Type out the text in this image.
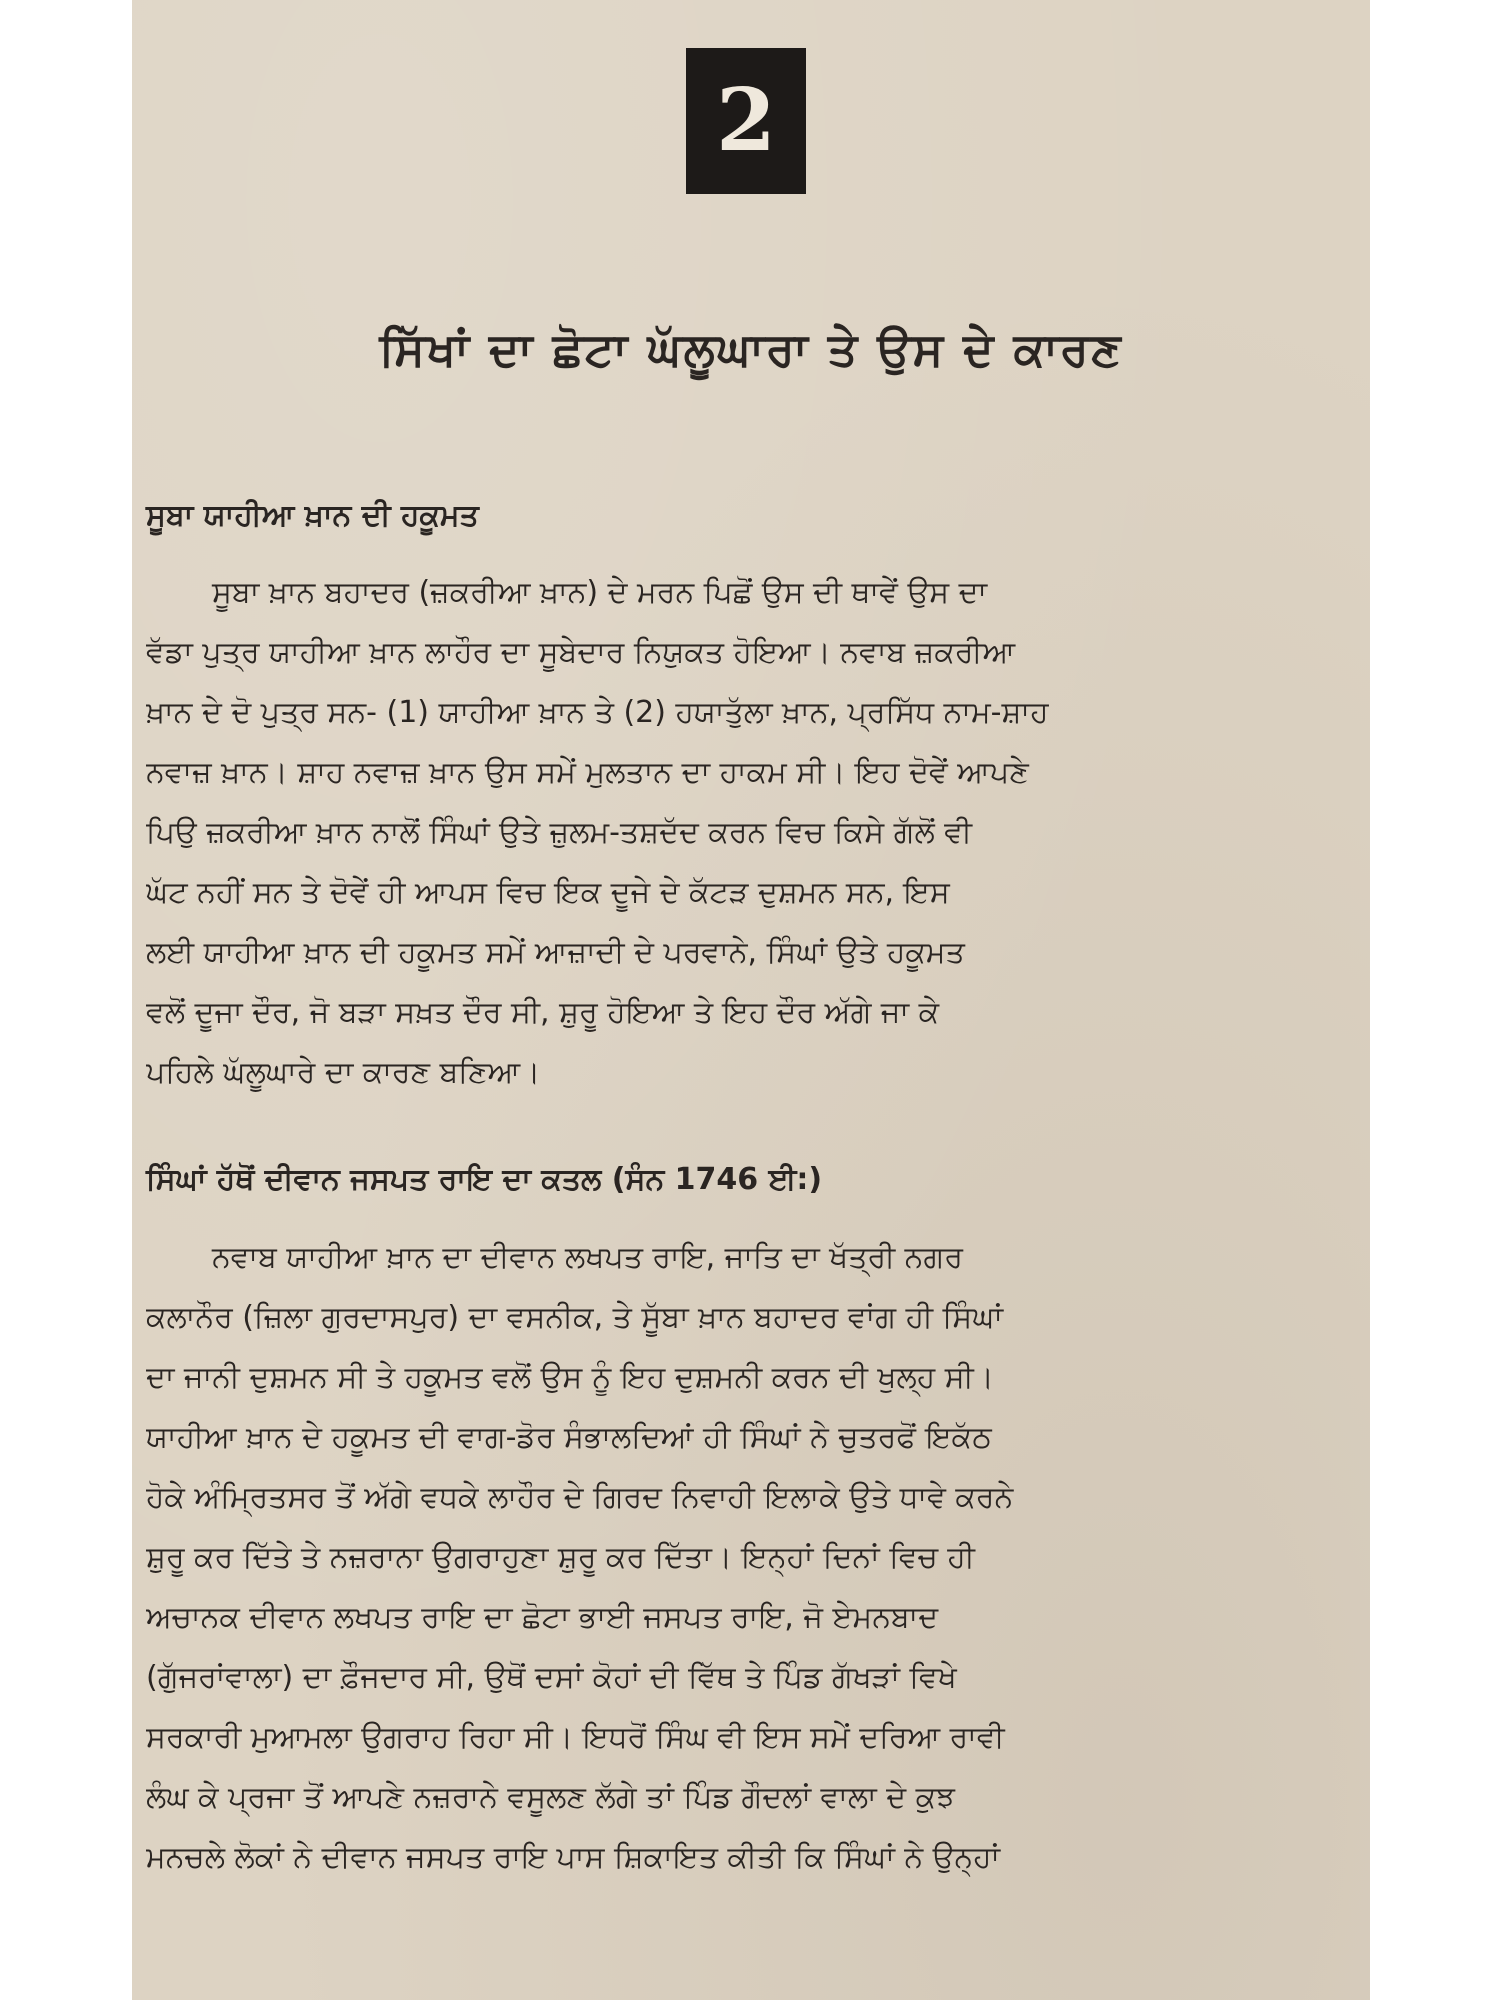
2
ਸਿੱਖਾਂ ਦਾ ਛੋਟਾ ਘੱਲੂਘਾਰਾ ਤੇ ਉਸ ਦੇ ਕਾਰਣ
ਸੂਬਾ ਯਾਹੀਆ ਖ਼ਾਨ ਦੀ ਹਕੂਮਤ
ਸੂਬਾ ਖ਼ਾਨ ਬਹਾਦਰ (ਜ਼ਕਰੀਆ ਖ਼ਾਨ) ਦੇ ਮਰਨ ਪਿਛੋਂ ਉਸ ਦੀ ਥਾਵੇਂ ਉਸ ਦਾ
ਵੱਡਾ ਪੁਤ੍ਰ ਯਾਹੀਆ ਖ਼ਾਨ ਲਾਹੌਰ ਦਾ ਸੂਬੇਦਾਰ ਨਿਯੁਕਤ ਹੋਇਆ। ਨਵਾਬ ਜ਼ਕਰੀਆ
ਖ਼ਾਨ ਦੇ ਦੋ ਪੁਤ੍ਰ ਸਨ- (1) ਯਾਹੀਆ ਖ਼ਾਨ ਤੇ (2) ਹਯਾਤੁੱਲਾ ਖ਼ਾਨ, ਪ੍ਰਸਿੱਧ ਨਾਮ-ਸ਼ਾਹ
ਨਵਾਜ਼ ਖ਼ਾਨ। ਸ਼ਾਹ ਨਵਾਜ਼ ਖ਼ਾਨ ਉਸ ਸਮੇਂ ਮੁਲਤਾਨ ਦਾ ਹਾਕਮ ਸੀ। ਇਹ ਦੋਵੇਂ ਆਪਣੇ
ਪਿਉ ਜ਼ਕਰੀਆ ਖ਼ਾਨ ਨਾਲੋਂ ਸਿੰਘਾਂ ਉਤੇ ਜ਼ੁਲਮ-ਤਸ਼ਦੱਦ ਕਰਨ ਵਿਚ ਕਿਸੇ ਗੱਲੋਂ ਵੀ
ਘੱਟ ਨਹੀਂ ਸਨ ਤੇ ਦੋਵੇਂ ਹੀ ਆਪਸ ਵਿਚ ਇਕ ਦੂਜੇ ਦੇ ਕੱਟੜ ਦੁਸ਼ਮਨ ਸਨ, ਇਸ
ਲਈ ਯਾਹੀਆ ਖ਼ਾਨ ਦੀ ਹਕੂਮਤ ਸਮੇਂ ਆਜ਼ਾਦੀ ਦੇ ਪਰਵਾਨੇ, ਸਿੰਘਾਂ ਉਤੇ ਹਕੂਮਤ
ਵਲੋਂ ਦੂਜਾ ਦੌਰ, ਜੋ ਬੜਾ ਸਖ਼ਤ ਦੌਰ ਸੀ, ਸ਼ੁਰੂ ਹੋਇਆ ਤੇ ਇਹ ਦੌਰ ਅੱਗੇ ਜਾ ਕੇ
ਪਹਿਲੇ ਘੱਲੂਘਾਰੇ ਦਾ ਕਾਰਣ ਬਣਿਆ।
ਸਿੰਘਾਂ ਹੱਥੋਂ ਦੀਵਾਨ ਜਸਪਤ ਰਾਇ ਦਾ ਕਤਲ (ਸੰਨ 1746 ਈ:)
ਨਵਾਬ ਯਾਹੀਆ ਖ਼ਾਨ ਦਾ ਦੀਵਾਨ ਲਖਪਤ ਰਾਇ, ਜਾਤਿ ਦਾ ਖੱਤ੍ਰੀ ਨਗਰ
ਕਲਾਨੌਰ (ਜ਼ਿਲਾ ਗੁਰਦਾਸਪੁਰ) ਦਾ ਵਸਨੀਕ, ਤੇ ਸੂੱਬਾ ਖ਼ਾਨ ਬਹਾਦਰ ਵਾਂਗ ਹੀ ਸਿੰਘਾਂ
ਦਾ ਜਾਨੀ ਦੁਸ਼ਮਨ ਸੀ ਤੇ ਹਕੂਮਤ ਵਲੋਂ ਉਸ ਨੂੰ ਇਹ ਦੁਸ਼ਮਨੀ ਕਰਨ ਦੀ ਖੁਲ੍ਹ ਸੀ।
ਯਾਹੀਆ ਖ਼ਾਨ ਦੇ ਹਕੂਮਤ ਦੀ ਵਾਗ-ਡੋਰ ਸੰਭਾਲਦਿਆਂ ਹੀ ਸਿੰਘਾਂ ਨੇ ਚੁਤਰਫੋਂ ਇਕੱਠ
ਹੋਕੇ ਅੰਮ੍ਰਿਤਸਰ ਤੋਂ ਅੱਗੇ ਵਧਕੇ ਲਾਹੌਰ ਦੇ ਗਿਰਦ ਨਿਵਾਹੀ ਇਲਾਕੇ ਉਤੇ ਧਾਵੇ ਕਰਨੇ
ਸ਼ੁਰੂ ਕਰ ਦਿੱਤੇ ਤੇ ਨਜ਼ਰਾਨਾ ਉਗਰਾਹੁਣਾ ਸ਼ੁਰੂ ਕਰ ਦਿੱਤਾ। ਇਨ੍ਹਾਂ ਦਿਨਾਂ ਵਿਚ ਹੀ
ਅਚਾਨਕ ਦੀਵਾਨ ਲਖਪਤ ਰਾਇ ਦਾ ਛੋਟਾ ਭਾਈ ਜਸਪਤ ਰਾਇ, ਜੋ ਏਮਨਬਾਦ
(ਗੁੱਜਰਾਂਵਾਲਾ) ਦਾ ਫ਼ੌਜਦਾਰ ਸੀ, ਉਥੋਂ ਦਸਾਂ ਕੋਹਾਂ ਦੀ ਵਿੱਥ ਤੇ ਪਿੰਡ ਗੱਖੜਾਂ ਵਿਖੇ
ਸਰਕਾਰੀ ਮੁਆਮਲਾ ਉਗਰਾਹ ਰਿਹਾ ਸੀ। ਇਧਰੋਂ ਸਿੰਘ ਵੀ ਇਸ ਸਮੇਂ ਦਰਿਆ ਰਾਵੀ
ਲੰਘ ਕੇ ਪ੍ਰਜਾ ਤੋਂ ਆਪਣੇ ਨਜ਼ਰਾਨੇ ਵਸੂਲਣ ਲੱਗੇ ਤਾਂ ਪਿੰਡ ਗੌਦਲਾਂ ਵਾਲਾ ਦੇ ਕੁਝ
ਮਨਚਲੇ ਲੋਕਾਂ ਨੇ ਦੀਵਾਨ ਜਸਪਤ ਰਾਇ ਪਾਸ ਸ਼ਿਕਾਇਤ ਕੀਤੀ ਕਿ ਸਿੰਘਾਂ ਨੇ ਉਨ੍ਹਾਂ
